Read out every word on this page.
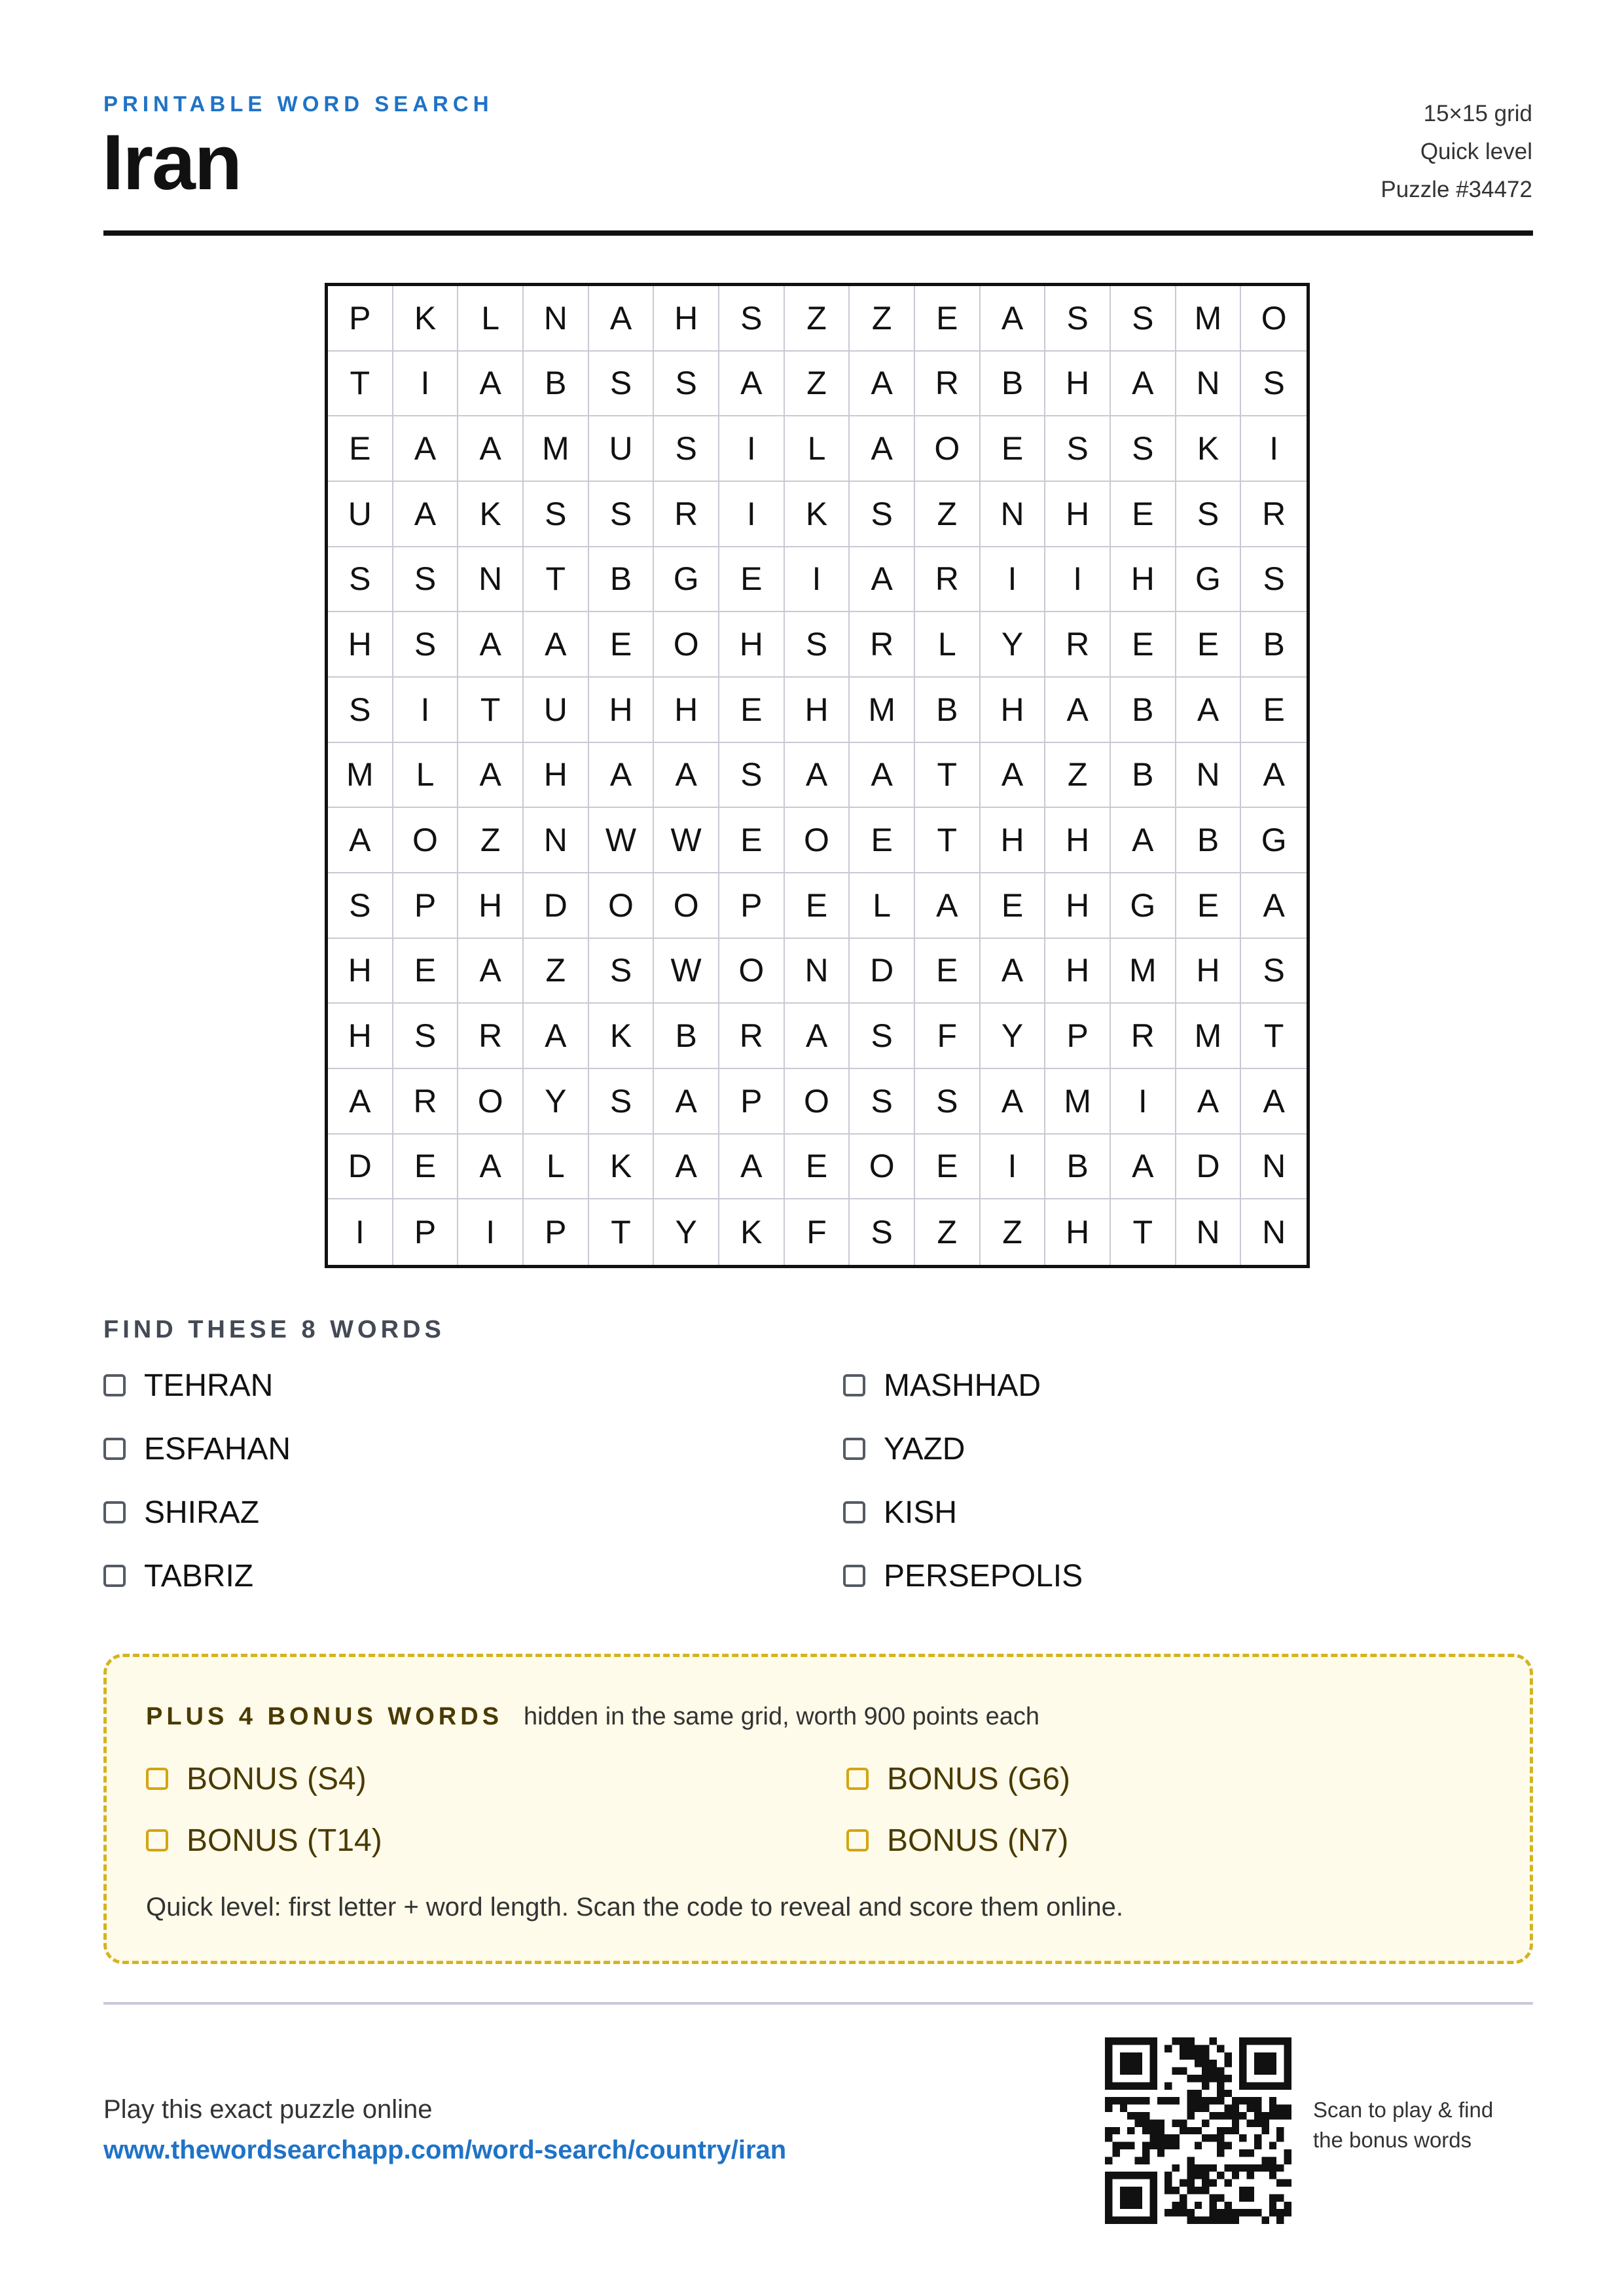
PRINTABLE WORD SEARCH
Iran
15×15 grid
Quick level
Puzzle #34472
P	K	L	N	A	H	S	Z	Z	E	A	S	S	M	O
T	I	A	B	S	S	A	Z	A	R	B	H	A	N	S
E	A	A	M	U	S	I	L	A	O	E	S	S	K	I
U	A	K	S	S	R	I	K	S	Z	N	H	E	S	R
S	S	N	T	B	G	E	I	A	R	I	I	H	G	S
H	S	A	A	E	O	H	S	R	L	Y	R	E	E	B
S	I	T	U	H	H	E	H	M	B	H	A	B	A	E
M	L	A	H	A	A	S	A	A	T	A	Z	B	N	A
A	O	Z	N	W	W	E	O	E	T	H	H	A	B	G
S	P	H	D	O	O	P	E	L	A	E	H	G	E	A
H	E	A	Z	S	W	O	N	D	E	A	H	M	H	S
H	S	R	A	K	B	R	A	S	F	Y	P	R	M	T
A	R	O	Y	S	A	P	O	S	S	A	M	I	A	A
D	E	A	L	K	A	A	E	O	E	I	B	A	D	N
I	P	I	P	T	Y	K	F	S	Z	Z	H	T	N	N
FIND THESE 8 WORDS
TEHRAN	MASHHAD
ESFAHAN	YAZD
SHIRAZ	KISH
TABRIZ	PERSEPOLIS
PLUS 4 BONUS WORDS hidden in the same grid, worth 900 points each
BONUS (S4)	BONUS (G6)
BONUS (T14)	BONUS (N7)
Quick level: first letter + word length. Scan the code to reveal and score them online.
Play this exact puzzle online
www.thewordsearchapp.com/word-search/country/iran
Scan to play & find
the bonus words
